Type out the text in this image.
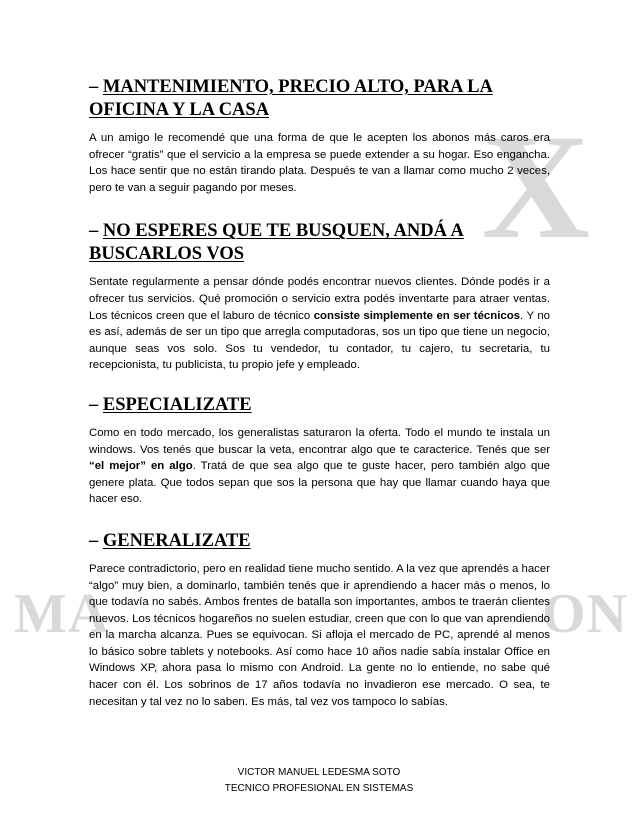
X
MA	ON
– MANTENIMIENTO, PRECIO ALTO, PARA LA OFICINA Y LA CASA

A un amigo le recomendé que una forma de que le acepten los abonos más caros era ofrecer “gratis” que el servicio a la empresa se puede extender a su hogar. Eso engancha. Los hace sentir que no están tirando plata. Después te van a llamar como mucho 2 veces, pero te van a seguir pagando por meses.

– NO ESPERES QUE TE BUSQUEN, ANDÁ A BUSCARLOS VOS

Sentate regularmente a pensar dónde podés encontrar nuevos clientes. Dónde podés ir a ofrecer tus servicios. Qué promoción o servicio extra podés inventarte para atraer ventas. Los técnicos creen que el laburo de técnico consiste simplemente en ser técnicos. Y no es así, además de ser un tipo que arregla computadoras, sos un tipo que tiene un negocio, aunque seas vos solo. Sos tu vendedor, tu contador, tu cajero, tu secretaria, tu recepcionista, tu publicista, tu propio jefe y empleado.

– ESPECIALIZATE

Como en todo mercado, los generalistas saturaron la oferta. Todo el mundo te instala un windows. Vos tenés que buscar la veta, encontrar algo que te caracterice. Tenés que ser “el mejor” en algo. Tratá de que sea algo que te guste hacer, pero también algo que genere plata. Que todos sepan que sos la persona que hay que llamar cuando haya que hacer eso.

– GENERALIZATE

Parece contradictorio, pero en realidad tiene mucho sentido. A la vez que aprendés a hacer “algo” muy bien, a dominarlo, también tenés que ir aprendiendo a hacer más o menos, lo que todavía no sabés. Ambos frentes de batalla son importantes, ambos te traerán clientes nuevos. Los técnicos hogareños no suelen estudiar, creen que con lo que van aprendiendo en la marcha alcanza. Pues se equivocan. Si afloja el mercado de PC, aprendé al menos lo básico sobre tablets y notebooks. Así como hace 10 años nadie sabía instalar Office en Windows XP, ahora pasa lo mismo con Android. La gente no lo entiende, no sabe qué hacer con él. Los sobrinos de 17 años todavía no invadieron ese mercado. O sea, te necesitan y tal vez no lo saben. Es más, tal vez vos tampoco lo sabías.

VICTOR MANUEL LEDESMA SOTO
TECNICO PROFESIONAL EN SISTEMAS
